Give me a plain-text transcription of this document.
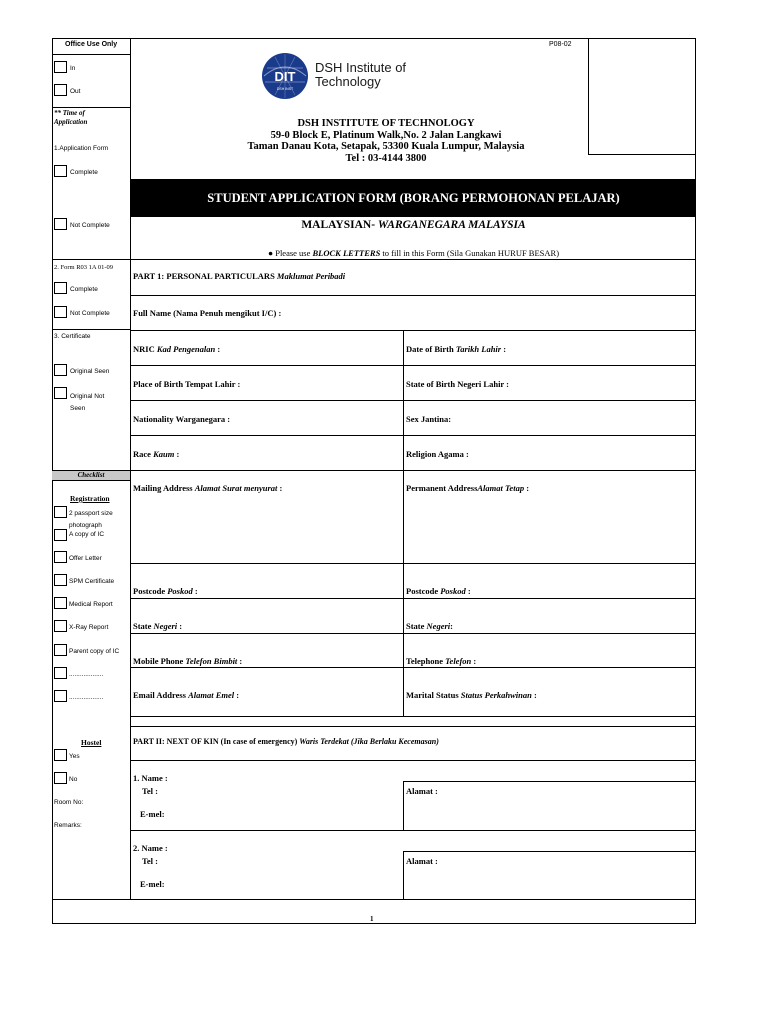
P08-02
DIT
DSH INST
DSH Institute of
Technology
DSH INSTITUTE OF TECHNOLOGY
59-0 Block E, Platinum Walk,No. 2 Jalan Langkawi
Taman Danau Kota, Setapak, 53300 Kuala Lumpur, Malaysia
Tel : 03-4144 3800
STUDENT APPLICATION FORM (BORANG PERMOHONAN PELAJAR)
MALAYSIAN- WARGANEGARA MALAYSIA
● Please use BLOCK LETTERS to fill in this Form (Sila Gunakan HURUF BESAR)
PART 1: PERSONAL PARTICULARS Maklumat Peribadi
Full Name (Nama Penuh mengikut I/C) :
NRIC Kad Pengenalan :	Date of Birth Tarikh Lahir :
Place of Birth Tempat Lahir :	State of Birth Negeri Lahir :
Nationality Warganegara :	Sex Jantina:
Race Kaum :	Religion Agama :
Mailing Address Alamat Surat menyurat :	Permanent AddressAlamat Tetap :
Postcode Poskod :	Postcode Poskod :
State Negeri :	State Negeri:
Mobile Phone Telefon Bimbit :	Telephone Telefon :
Email Address Alamat Emel :	Marital Status Status Perkahwinan :
PART II: NEXT OF KIN (In case of emergency) Waris Terdekat (Jika Berlaku Kecemasan)
1. Name :
Tel :	Alamat :
E-mel:
2. Name :
Tel :	Alamat :
E-mel:
1
Office Use Only
In
Out
** Time of Application
1.Application Form
Complete
Not Complete
2. Form R03 1A 01-09
Complete
Not Complete
3. Certificate
Original Seen
Original Not Seen
Checklist
Registration
2 passport size photograph
A copy of IC
Offer Letter
SPM Certificate
Medical Report
X-Ray Report
Parent copy of IC
...................
...................
Hostel
Yes
No
Room No:
Remarks:
